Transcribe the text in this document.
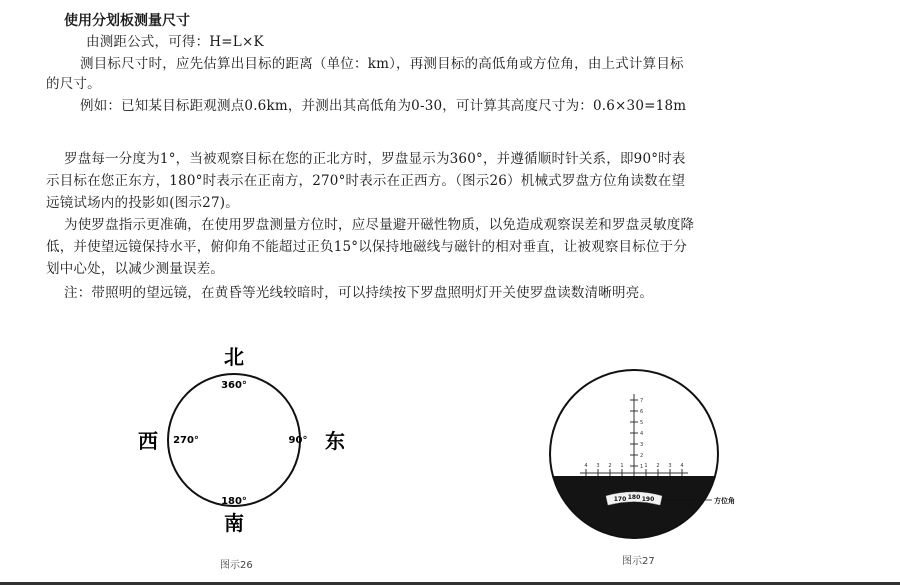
使用分划板测量尺寸
由测距公式，可得：H=L×K
测目标尺寸时，应先估算出目标的距离（单位：km），再测目标的高低角或方位角，由上式计算目标
的尺寸。
例如：已知某目标距观测点0.6km，并测出其高低角为0-30，可计算其高度尺寸为：0.6×30=18m
罗盘每一分度为1°，当被观察目标在您的正北方时，罗盘显示为360°，并遵循顺时针关系，即90°时表
示目标在您正东方，180°时表示在正南方，270°时表示在正西方。（图示26）机械式罗盘方位角读数在望
远镜试场内的投影如(图示27)。
为使罗盘指示更准确，在使用罗盘测量方位时，应尽量避开磁性物质，以免造成观察误差和罗盘灵敏度降
低，并使望远镜保持水平，俯仰角不能超过正负15°以保持地磁线与磁针的相对垂直，让被观察目标位于分
划中心处，以减少测量误差。
注：带照明的望远镜，在黄昏等光线较暗时，可以持续按下罗盘照明灯开关使罗盘读数清晰明亮。
北
360°
东
90°
南
180°
西 270°
图示26
7
6
5
4
3
2
1
4 3 2 1	1 2 3 4
170 180 190	方位角
图示27
